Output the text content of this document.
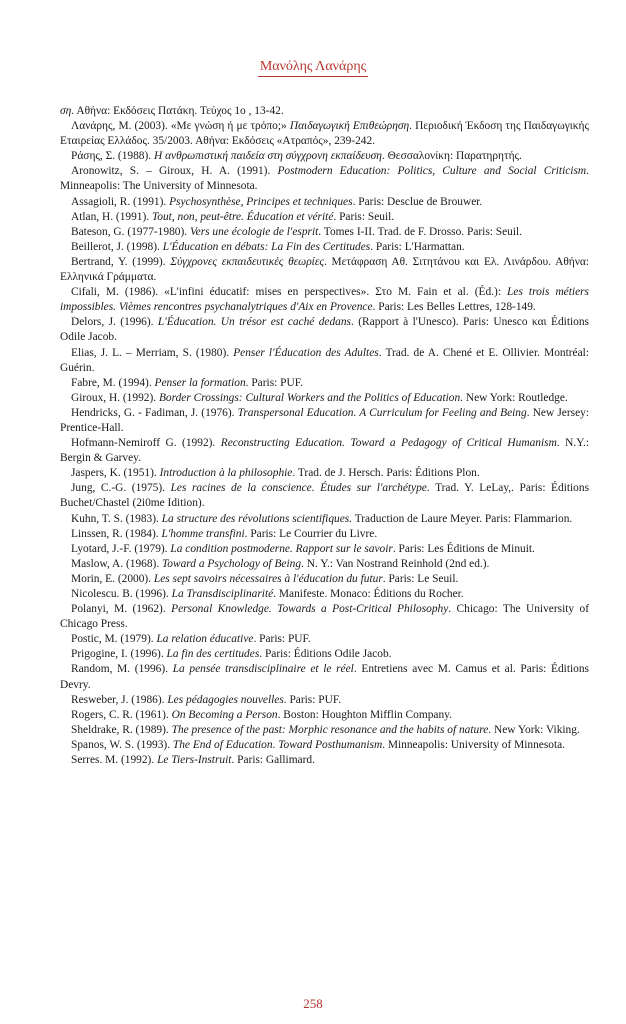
Μανόλης Λανάρης

ση. Αθήνα: Εκδόσεις Πατάκη. Τεύχος 1ο , 13-42.

Λανάρης, Μ. (2003). «Με γνώση ή με τρόπο;» Παιδαγωγική Επιθεώρηση. Περιοδική Έκδοση της Παιδαγωγικής Εταιρείας Ελλάδος. 35/2003. Αθήνα: Εκδόσεις «Ατραπός», 239-242.

Ράσης, Σ. (1988). Η ανθρωπιστική παιδεία στη σύγχρονη εκπαίδευση. Θεσσαλονίκη: Παρατηρητής.

Aronowitz, S. – Giroux, H. A. (1991). Postmodern Education: Politics, Culture and Social Criticism. Minneapolis: The University of Minnesota.

Assagioli, R. (1991). Psychosynthèse, Principes et techniques. Paris: Desclue de Brouwer.

Atlan, H. (1991). Tout, non, peut-être. Éducation et vérité. Paris: Seuil.

Bateson, G. (1977-1980). Vers une écologie de l'esprit. Tomes I-II. Trad. de F. Drosso. Paris: Seuil.

Beillerot, J. (1998). L'Éducation en débats: La Fin des Certitudes. Paris: L'Harmattan.

Bertrand, Y. (1999). Σύγχρονες εκπαιδευτικές θεωρίες. Μετάφραση Αθ. Σιτητάνου και Ελ. Λινάρδου. Αθήνα: Ελληνικά Γράμματα.

Cifali, M. (1986). «L'infini éducatif: mises en perspectives». Στο M. Fain et al. (Éd.): Les trois métiers impossibles. Vièmes rencontres psychanalytriques d'Aix en Provence. Paris: Les Belles Lettres, 128-149.

Delors, J. (1996). L'Éducation. Un trésor est caché dedans. (Rapport à l'Unesco). Paris: Unesco και Éditions Odile Jacob.

Elias, J. L. – Merriam, S. (1980). Penser l'Éducation des Adultes. Trad. de A. Chené et E. Ollivier. Montréal: Guérin.

Fabre, M. (1994). Penser la formation. Paris: PUF.

Giroux, H. (1992). Border Crossings: Cultural Workers and the Politics of Education. New York: Routledge.

Hendricks, G. - Fadiman, J. (1976). Transpersonal Education. A Curriculum for Feeling and Being. New Jersey: Prentice-Hall.

Hofmann-Nemiroff G. (1992). Reconstructing Education. Toward a Pedagogy of Critical Humanism. N.Y.: Bergin & Garvey.

Jaspers, K. (1951). Introduction à la philosophie. Trad. de J. Hersch. Paris: Éditions Plon.

Jung, C.-G. (1975). Les racines de la conscience. Études sur l'archétype. Trad. Y. LeLay,. Paris: Éditions Buchet/Chastel (2i0me Idition).

Kuhn, T. S. (1983). La structure des révolutions scientifiques. Traduction de Laure Meyer. Paris: Flammarion.

Linssen, R. (1984). L'homme transfini. Paris: Le Courrier du Livre.

Lyotard, J.-F. (1979). La condition postmoderne. Rapport sur le savoir. Paris: Les Éditions de Minuit.

Maslow, A. (1968). Toward a Psychology of Being. N. Y.: Van Nostrand Reinhold (2nd ed.).

Morin, E. (2000). Les sept savoirs nécessaires à l'éducation du futur. Paris: Le Seuil.

Nicolescu. B. (1996). La Transdisciplinarité. Manifeste. Monaco: Éditions du Rocher.

Polanyi, M. (1962). Personal Knowledge. Towards a Post-Critical Philosophy. Chicago: The University of Chicago Press.

Postic, M. (1979). La relation éducative. Paris: PUF.

Prigogine, I. (1996). La fin des certitudes. Paris: Éditions Odile Jacob.

Random, M. (1996). La pensée transdisciplinaire et le réel. Entretiens avec M. Camus et al. Paris: Éditions Devry.

Resweber, J. (1986). Les pédagogies nouvelles. Paris: PUF.

Rogers, C. R. (1961). On Becoming a Person. Boston: Houghton Mifflin Company.

Sheldrake, R. (1989). The presence of the past: Morphic resonance and the habits of nature. New York: Viking.

Spanos, W. S. (1993). The End of Education. Toward Posthumanism. Minneapolis: University of Minnesota.

Serres. M. (1992). Le Tiers-Instruit. Paris: Gallimard.

258
